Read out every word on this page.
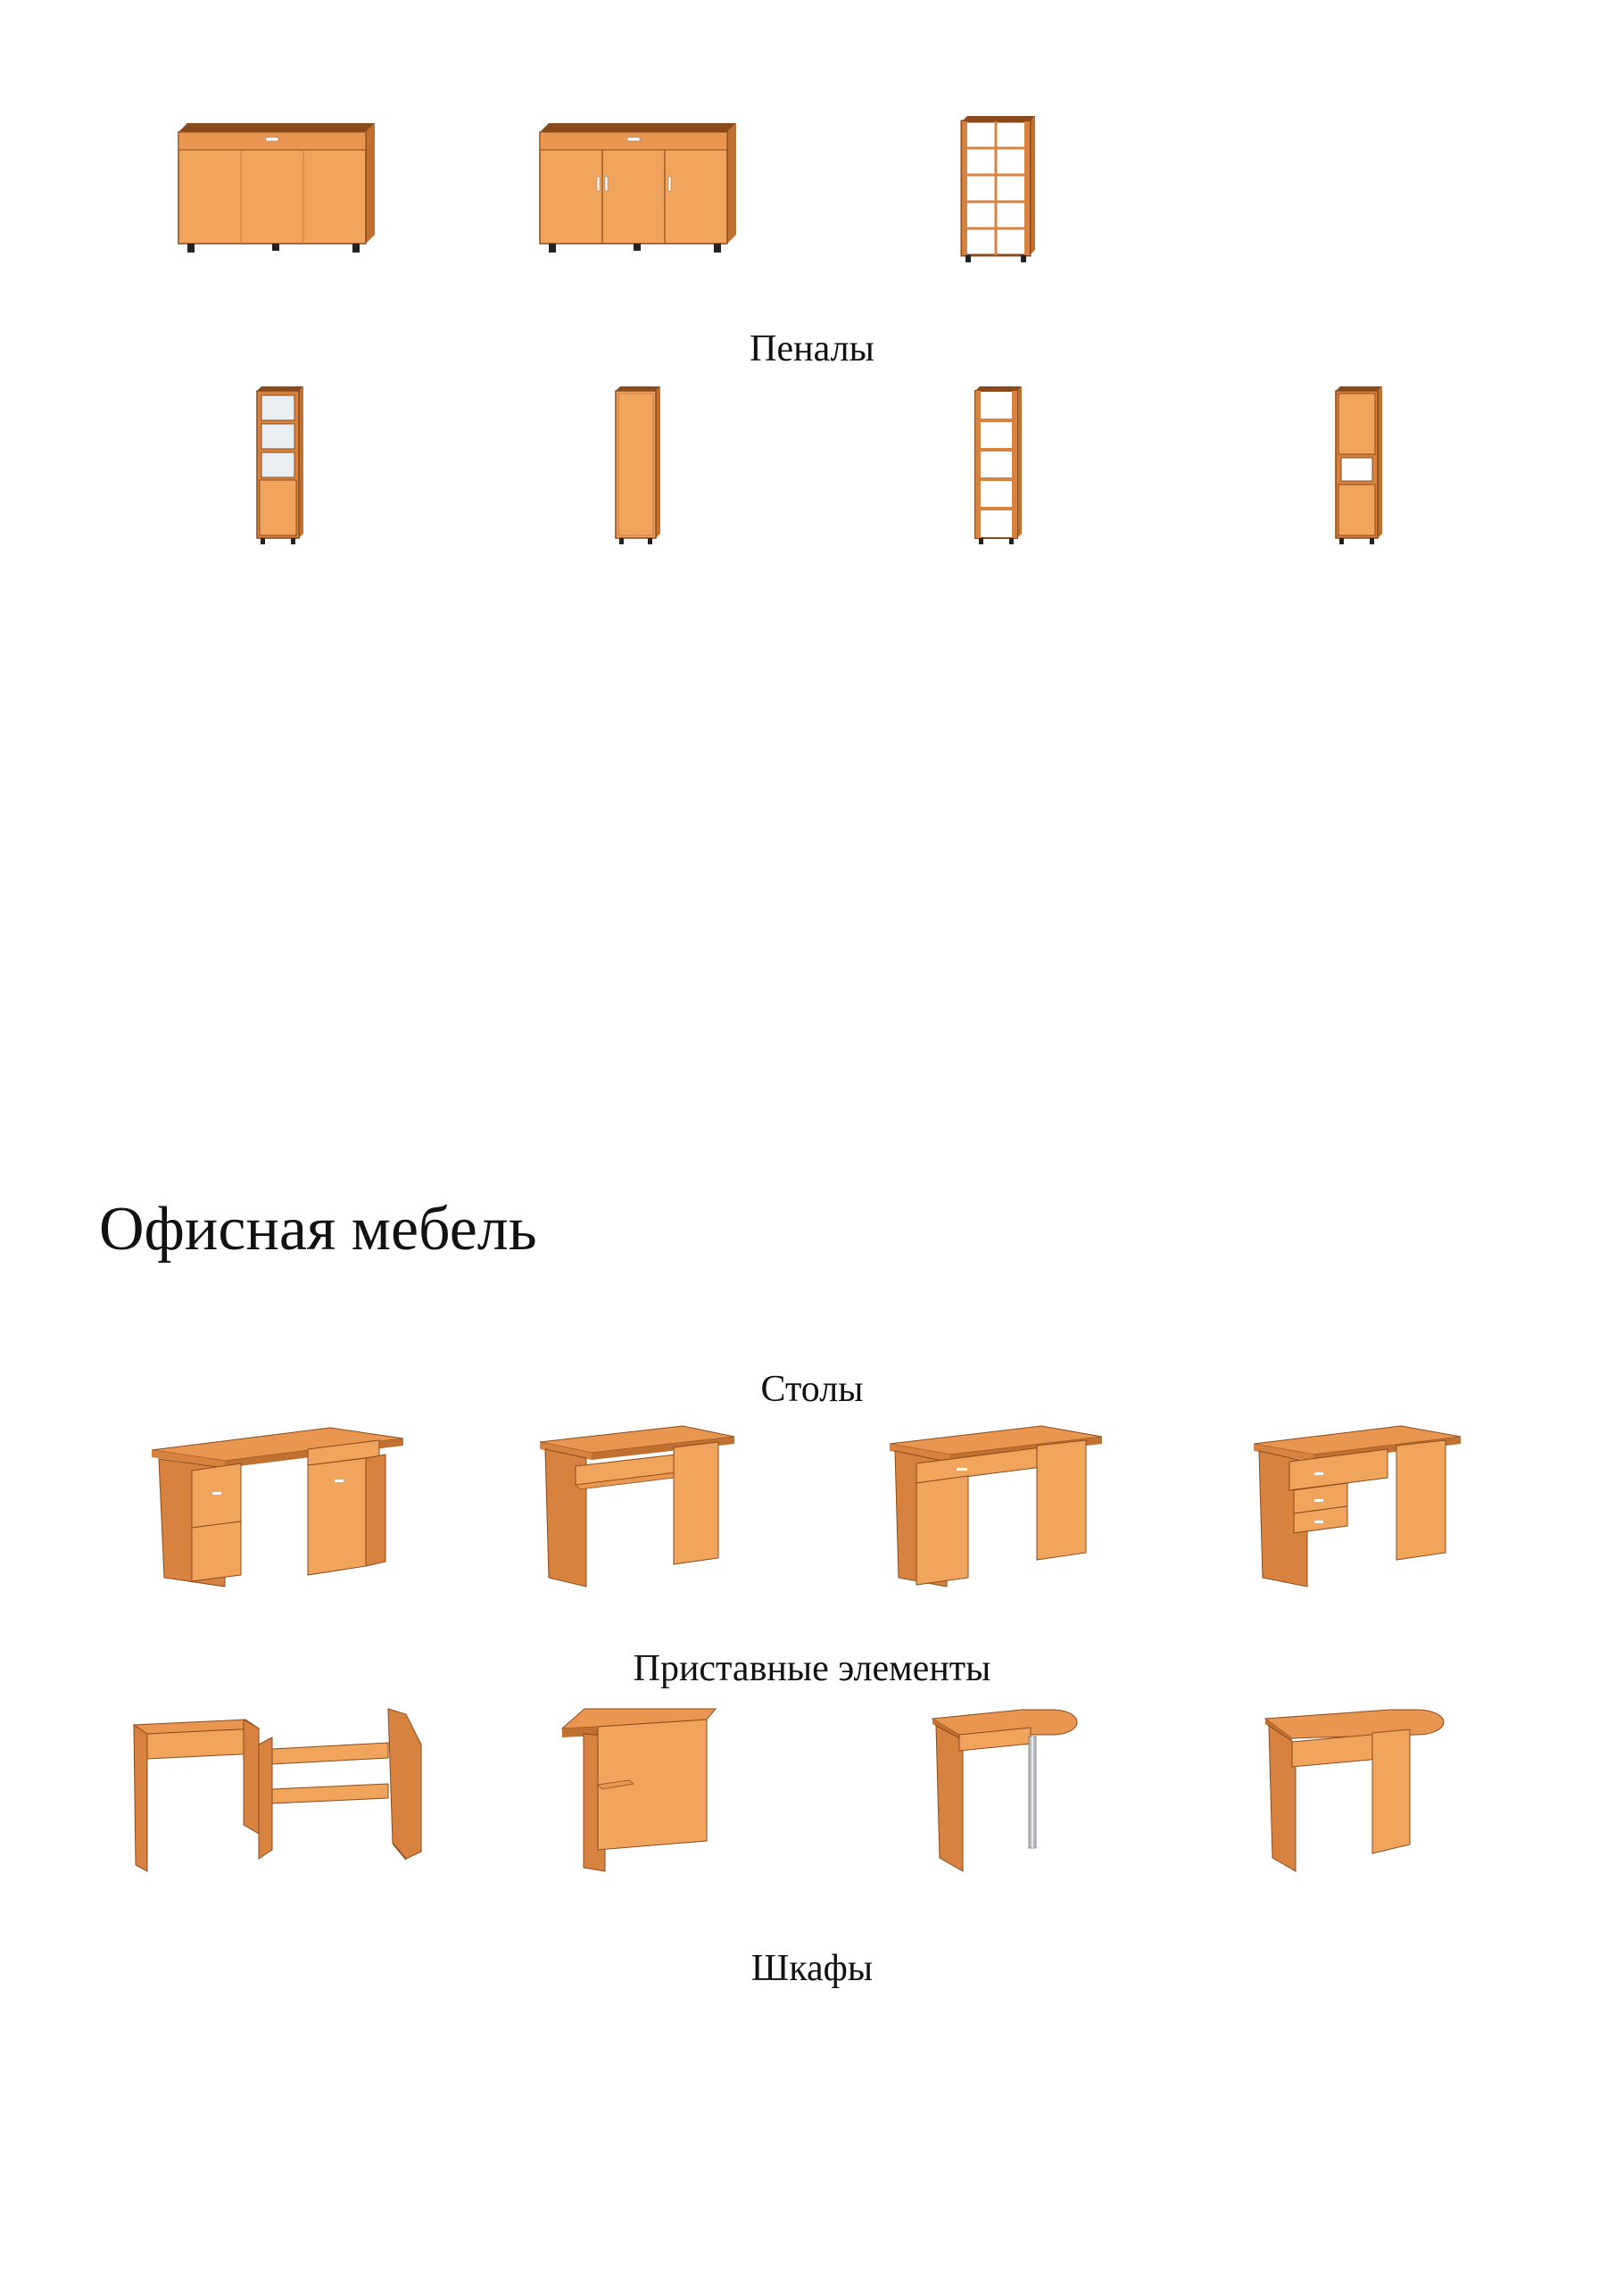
Пеналы
Офисная мебель
Столы
Приставные элементы
Шкафы
